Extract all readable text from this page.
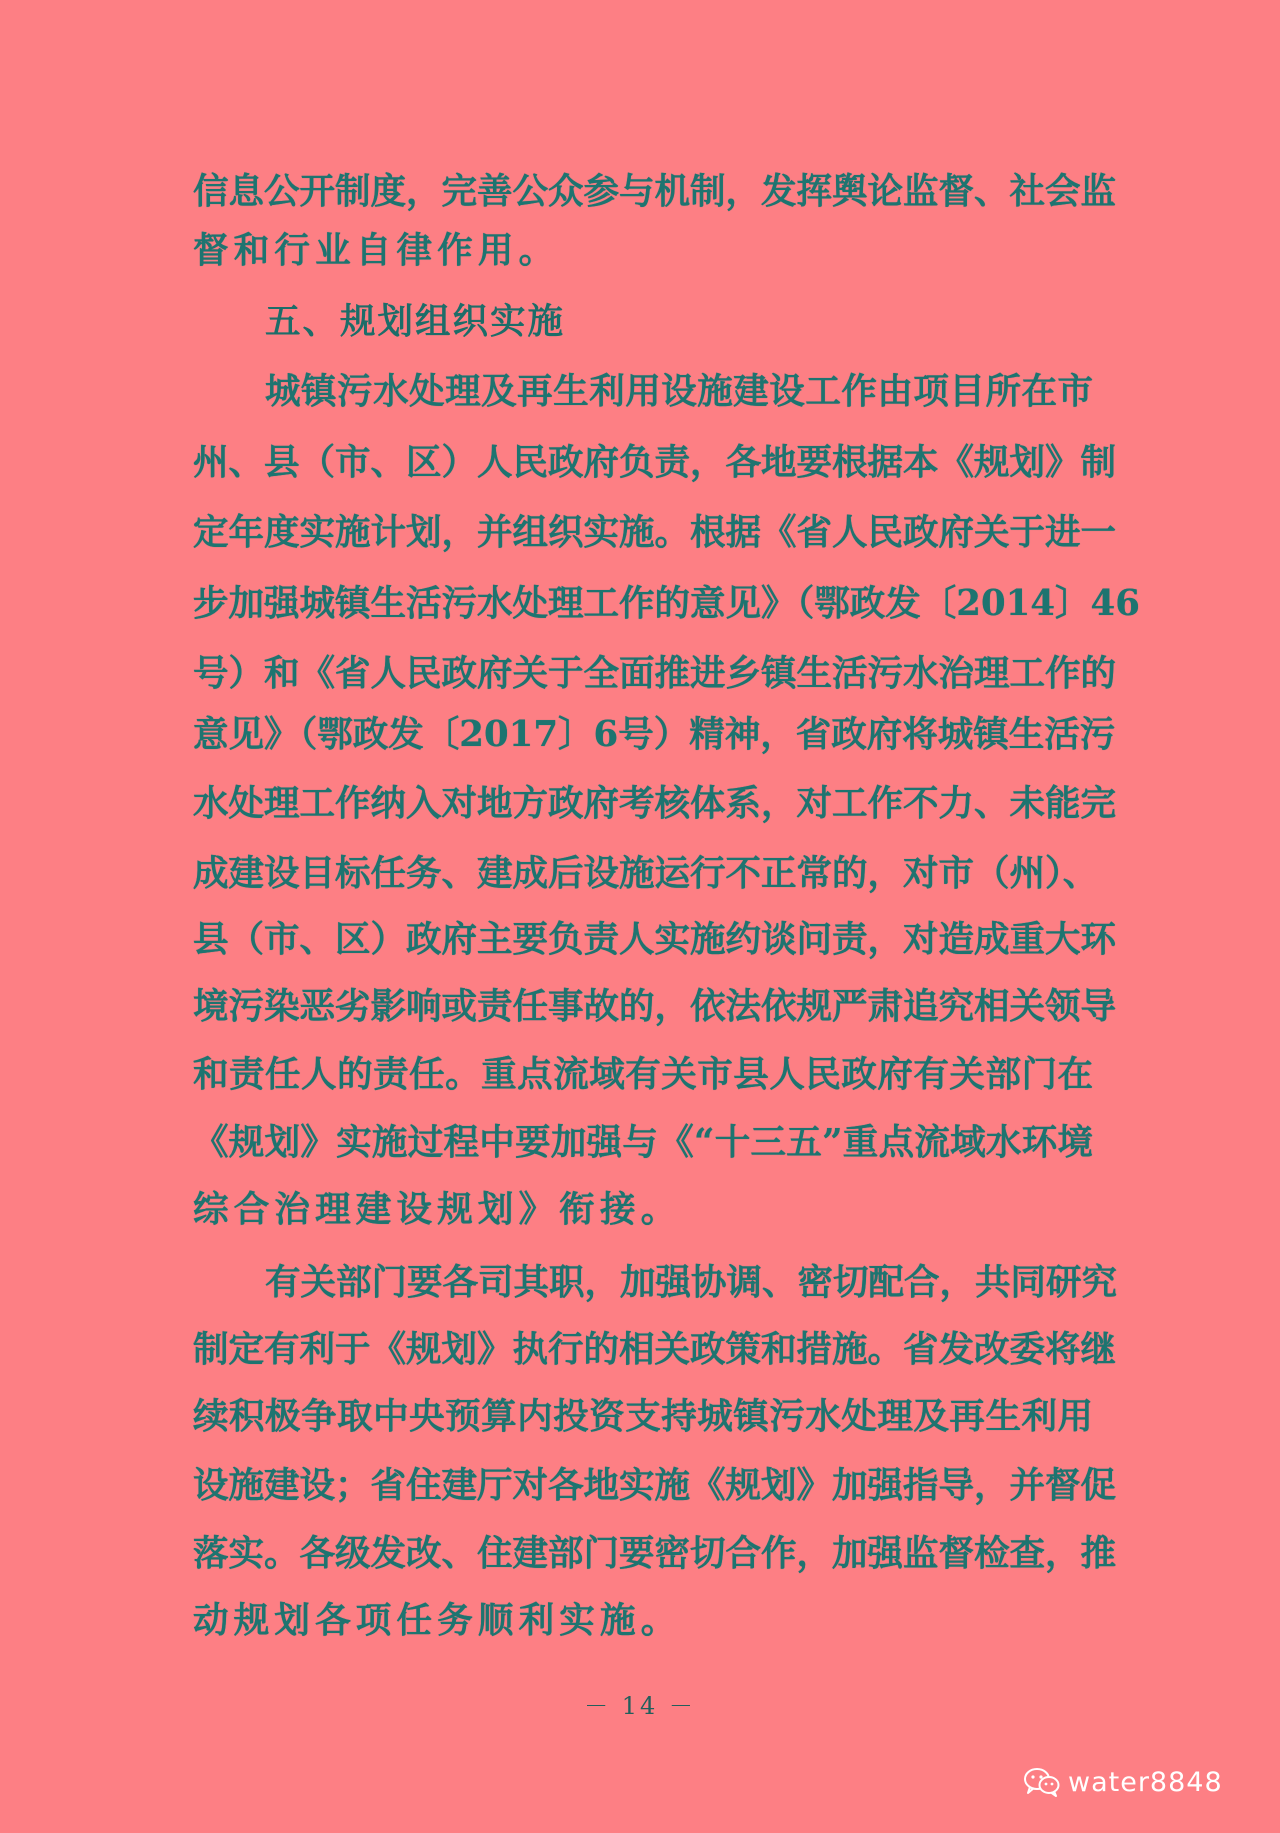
信息公开制度，完善公众参与机制，发挥舆论监督、社会监
督和行业自律作用。
五、规划组织实施
城镇污水处理及再生利用设施建设工作由项目所在市
州、县（市、区）人民政府负责，各地要根据本《规划》制
定年度实施计划，并组织实施。根据《省人民政府关于进一
步加强城镇生活污水处理工作的意见》（鄂政发〔2014〕46
号）和《省人民政府关于全面推进乡镇生活污水治理工作的
意见》（鄂政发〔2017〕6号）精神，省政府将城镇生活污
水处理工作纳入对地方政府考核体系，对工作不力、未能完
成建设目标任务、建成后设施运行不正常的，对市（州）、
县（市、区）政府主要负责人实施约谈问责，对造成重大环
境污染恶劣影响或责任事故的，依法依规严肃追究相关领导
和责任人的责任。重点流域有关市县人民政府有关部门在
《规划》实施过程中要加强与《“十三五”重点流域水环境
综合治理建设规划》衔接。
有关部门要各司其职，加强协调、密切配合，共同研究
制定有利于《规划》执行的相关政策和措施。省发改委将继
续积极争取中央预算内投资支持城镇污水处理及再生利用
设施建设；省住建厅对各地实施《规划》加强指导，并督促
落实。各级发改、住建部门要密切合作，加强监督检查，推
动规划各项任务顺利实施。
－ 14 －
water8848
